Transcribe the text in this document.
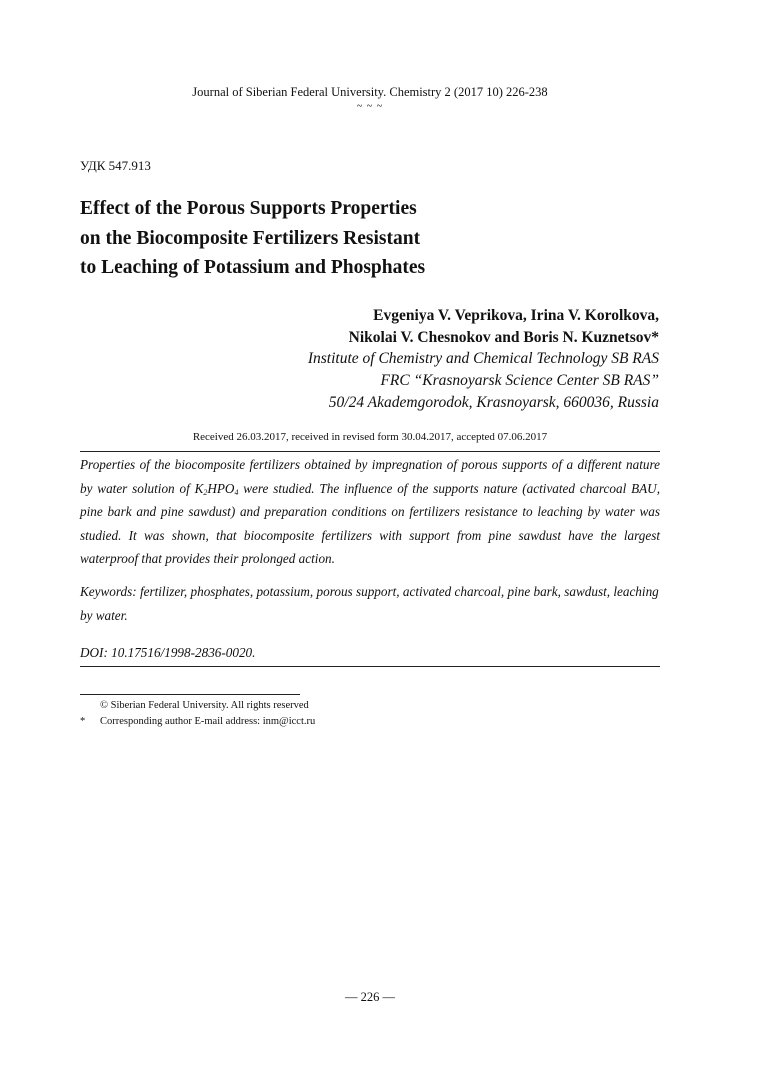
Journal of Siberian Federal University. Chemistry 2 (2017 10) 226-238
~ ~ ~
УДК 547.913
Effect of the Porous Supports Properties
on the Biocomposite Fertilizers Resistant
to Leaching of Potassium and Phosphates
Evgeniya V. Veprikova, Irina V. Korolkova,
Nikolai V. Chesnokov and Boris N. Kuznetsov*
Institute of Chemistry and Chemical Technology SB RAS
FRC “Krasnoyarsk Science Center SB RAS”
50/24 Akademgorodok, Krasnoyarsk, 660036, Russia
Received 26.03.2017, received in revised form 30.04.2017, accepted 07.06.2017

Properties of the biocomposite fertilizers obtained by impregnation of porous supports of a different nature by water solution of $K_2HPO_4$ were studied. The influence of the supports nature (activated charcoal BAU, pine bark and pine sawdust) and preparation conditions on fertilizers resistance to leaching by water was studied. It was shown, that biocomposite fertilizers with support from pine sawdust have the largest waterproof that provides their prolonged action.

Keywords: fertilizer, phosphates, potassium, porous support, activated charcoal, pine bark, sawdust, leaching by water.
DOI: 10.17516/1998-2836-0020.
© Siberian Federal University. All rights reserved
* Corresponding author E-mail address: inm@icct.ru
— 226 —
